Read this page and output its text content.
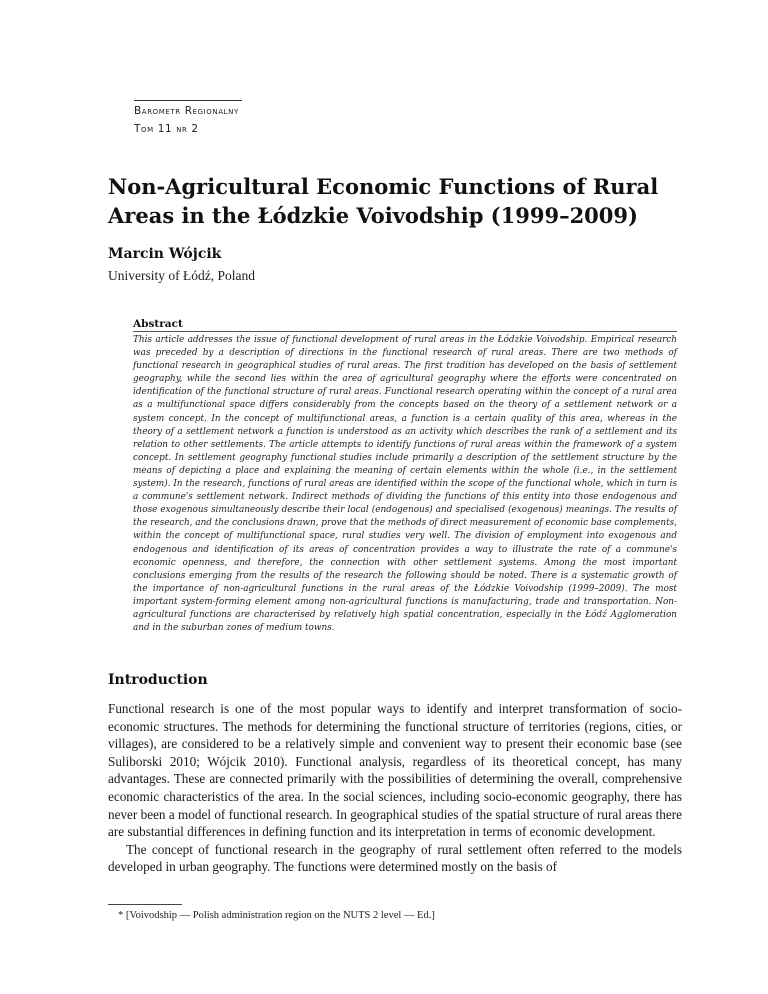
Barometr Regionalny
Tom 11 nr 2
Non-Agricultural Economic Functions of Rural Areas in the Łódzkie Voivodship (1999–2009)
Marcin Wójcik
University of Łódź, Poland
Abstract

This article addresses the issue of functional development of rural areas in the Łódzkie Voivodship. Empirical research was preceded by a description of directions in the functional research of rural areas. There are two methods of functional research in geographical studies of rural areas. The first tradition has developed on the basis of settlement geography, while the second lies within the area of agricultural geography where the efforts were concentrated on identification of the functional structure of rural areas. Functional research operating within the concept of a rural area as a multifunctional space differs considerably from the concepts based on the theory of a settlement network or a system concept. In the concept of multifunctional areas, a function is a certain quality of this area, whereas in the theory of a settlement network a function is understood as an activity which describes the rank of a settlement and its relation to other settlements. The article attempts to identify functions of rural areas within the framework of a system concept. In settlement geography functional studies include primarily a description of the settlement structure by the means of depicting a place and explaining the meaning of certain elements within the whole (i.e., in the settlement system). In the research, functions of rural areas are identified within the scope of the functional whole, which in turn is a commune's settlement network. Indirect methods of dividing the functions of this entity into those endogenous and those exogenous simultaneously describe their local (endogenous) and specialised (exogenous) meanings. The results of the research, and the conclusions drawn, prove that the methods of direct measurement of economic base complements, within the concept of multifunctional space, rural studies very well. The division of employment into exogenous and endogenous and identification of its areas of concentration provides a way to illustrate the rate of a commune's economic openness, and therefore, the connection with other settlement systems. Among the most important conclusions emerging from the results of the research the following should be noted. There is a systematic growth of the importance of non-agricultural functions in the rural areas of the Łódzkie Voivodship (1999–2009). The most important system-forming element among non-agricultural functions is manufacturing, trade and transportation. Non-agricultural functions are characterised by relatively high spatial concentration, especially in the Łódź Agglomeration and in the suburban zones of medium towns.

Introduction

Functional research is one of the most popular ways to identify and interpret transformation of socio-economic structures. The methods for determining the functional structure of territories (regions, cities, or villages), are considered to be a relatively simple and convenient way to present their economic base (see Suliborski 2010; Wójcik 2010). Functional analysis, regardless of its theoretical concept, has many advantages. These are connected primarily with the possibilities of determining the overall, comprehensive economic characteristics of the area. In the social sciences, including socio-economic geography, there has never been a model of functional research. In geographical studies of the spatial structure of rural areas there are substantial differences in defining function and its interpretation in terms of economic development.

The concept of functional research in the geography of rural settlement often referred to the models developed in urban geography. The functions were determined mostly on the basis of

* [Voivodship — Polish administration region on the NUTS 2 level — Ed.]
